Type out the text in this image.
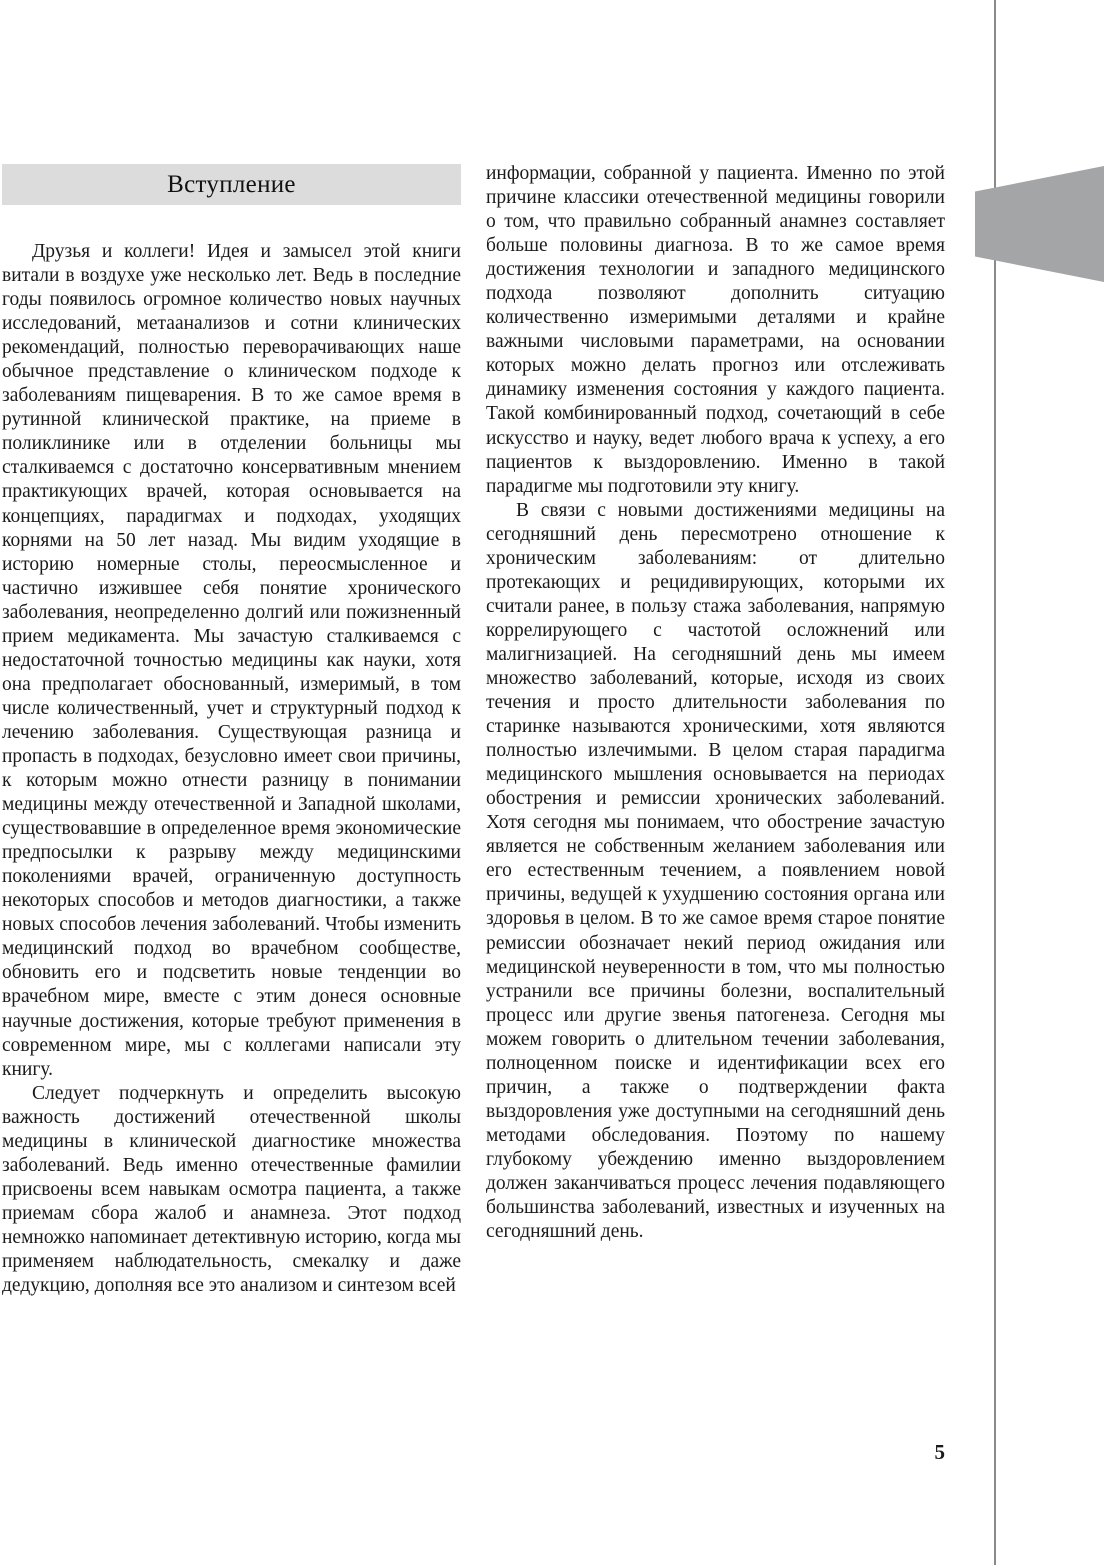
Вступление

Друзья и коллеги! Идея и замысел этой книги витали в воздухе уже несколько лет. Ведь в последние годы появилось огромное количество новых научных исследований, метаанализов и сотни клинических рекомендаций, полностью переворачивающих наше обычное представление о клиническом подходе к заболеваниям пищеварения. В то же самое время в рутинной клинической практике, на приеме в поликлинике или в отделении больницы мы сталкиваемся с достаточно консервативным мнением практикующих врачей, которая основывается на концепциях, парадигмах и подходах, уходящих корнями на 50 лет назад. Мы видим уходящие в историю номерные столы, переосмысленное и частично изжившее себя понятие хронического заболевания, неопределенно долгий или пожизненный прием медикамента. Мы зачастую сталкиваемся с недостаточной точностью медицины как науки, хотя она предполагает обоснованный, измеримый, в том числе количественный, учет и структурный подход к лечению заболевания. Существующая разница и пропасть в подходах, безусловно имеет свои причины, к которым можно отнести разницу в понимании медицины между отечественной и Западной школами, существовавшие в определенное время экономические предпосылки к разрыву между медицинскими поколениями врачей, ограниченную доступность некоторых способов и методов диагностики, а также новых способов лечения заболеваний. Чтобы изменить медицинский подход во врачебном сообществе, обновить его и подсветить новые тенденции во врачебном мире, вместе с этим донеся основные научные достижения, которые требуют применения в современном мире, мы с коллегами написали эту книгу.

Следует подчеркнуть и определить высокую важность достижений отечественной школы медицины в клинической диагностике множества заболеваний. Ведь именно отечественные фамилии присвоены всем навыкам осмотра пациента, а также приемам сбора жалоб и анамнеза. Этот подход немножко напоминает детективную историю, когда мы применяем наблюдательность, смекалку и даже дедукцию, дополняя все это анализом и синтезом всей

информации, собранной у пациента. Именно по этой причине классики отечественной медицины говорили о том, что правильно собранный анамнез составляет больше половины диагноза. В то же самое время достижения технологии и западного медицинского подхода позволяют дополнить ситуацию количественно измеримыми деталями и крайне важными числовыми параметрами, на основании которых можно делать прогноз или отслеживать динамику изменения состояния у каждого пациента. Такой комбинированный подход, сочетающий в себе искусство и науку, ведет любого врача к успеху, а его пациентов к выздоровлению. Именно в такой парадигме мы подготовили эту книгу.

В связи с новыми достижениями медицины на сегодняшний день пересмотрено отношение к хроническим заболеваниям: от длительно протекающих и рецидивирующих, которыми их считали ранее, в пользу стажа заболевания, напрямую коррелирующего с частотой осложнений или малигнизацией. На сегодняшний день мы имеем множество заболеваний, которые, исходя из своих течения и просто длительности заболевания по старинке называются хроническими, хотя являются полностью излечимыми. В целом старая парадигма медицинского мышления основывается на периодах обострения и ремиссии хронических заболеваний. Хотя сегодня мы понимаем, что обострение зачастую является не собственным желанием заболевания или его естественным течением, а появлением новой причины, ведущей к ухудшению состояния органа или здоровья в целом. В то же самое время старое понятие ремиссии обозначает некий период ожидания или медицинской неуверенности в том, что мы полностью устранили все причины болезни, воспалительный процесс или другие звенья патогенеза. Сегодня мы можем говорить о длительном течении заболевания, полноценном поиске и идентификации всех его причин, а также о подтверждении факта выздоровления уже доступными на сегодняшний день методами обследования. Поэтому по нашему глубокому убеждению именно выздоровлением должен заканчиваться процесс лечения подавляющего большинства заболеваний, известных и изученных на сегодняшний день.

5
